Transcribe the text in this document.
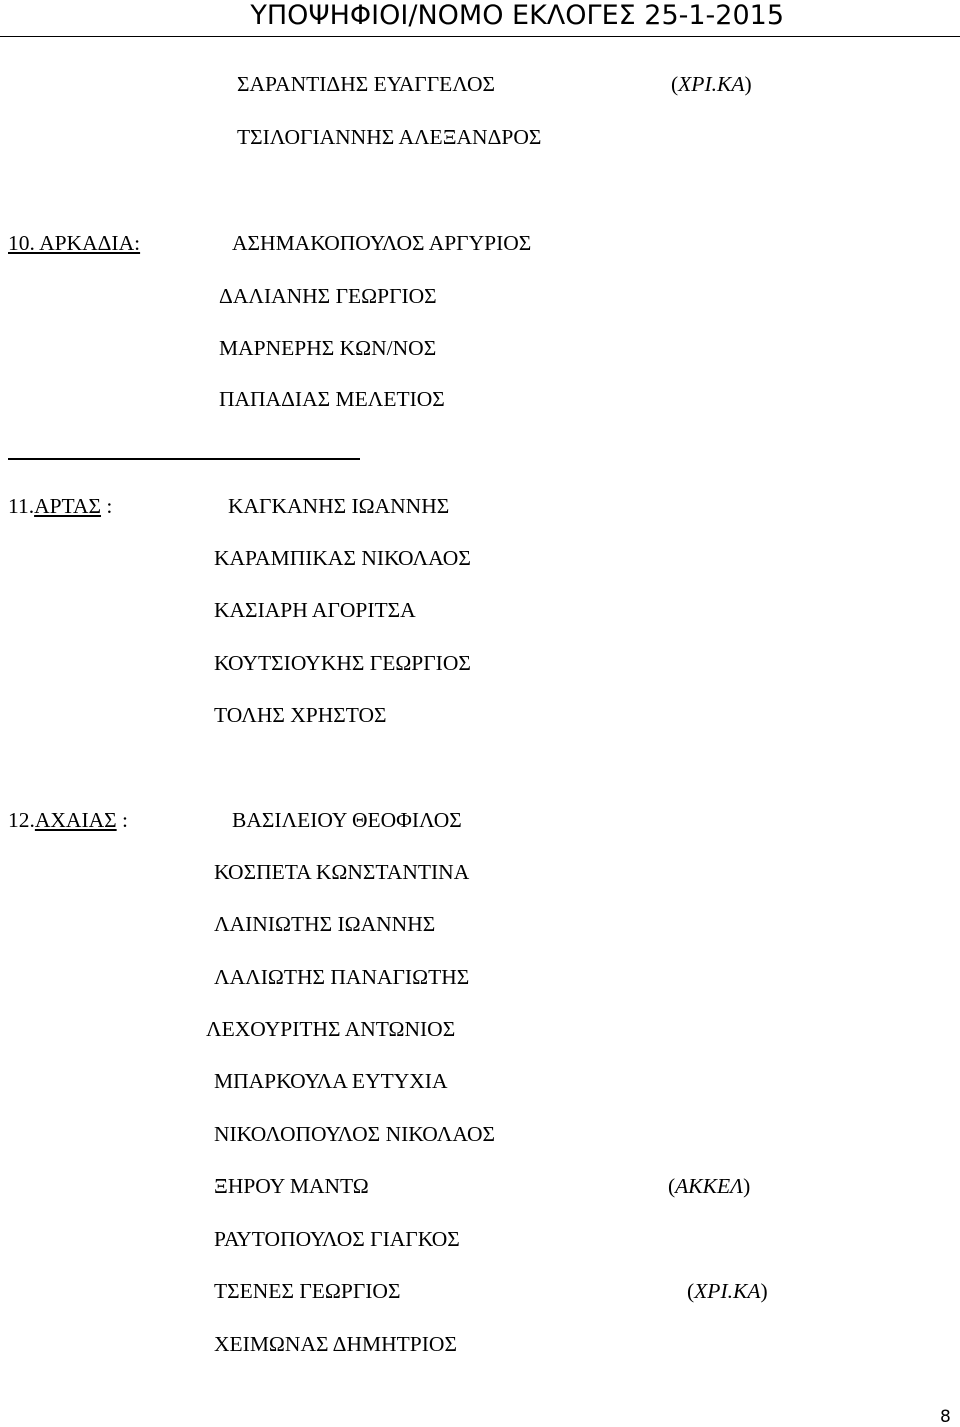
ΥΠΟΨΗΦΙΟΙ/ΝΟΜΟ ΕΚΛΟΓΕΣ 25-1-2015
ΣΑΡΑΝΤΙΔΗΣ ΕΥΑΓΓΕΛΟΣ	(ΧΡΙ.ΚΑ)
ΤΣΙΛΟΓΙΑΝΝΗΣ ΑΛΕΞΑΝΔΡΟΣ
10. ΑΡΚΑΔΙΑ:	ΑΣΗΜΑΚΟΠΟΥΛΟΣ ΑΡΓΥΡΙΟΣ
ΔΑΛΙΑΝΗΣ ΓΕΩΡΓΙΟΣ
ΜΑΡΝΕΡΗΣ ΚΩΝ/ΝΟΣ
ΠΑΠΑΔΙΑΣ ΜΕΛΕΤΙΟΣ
11.ΑΡΤΑΣ :	ΚΑΓΚΑΝΗΣ ΙΩΑΝΝΗΣ
ΚΑΡΑΜΠΙΚΑΣ ΝΙΚΟΛΑΟΣ
ΚΑΣΙΑΡΗ ΑΓΟΡΙΤΣΑ
ΚΟΥΤΣΙΟΥΚΗΣ ΓΕΩΡΓΙΟΣ
ΤΟΛΗΣ ΧΡΗΣΤΟΣ
12.ΑΧΑΙΑΣ :	ΒΑΣΙΛΕΙΟΥ ΘΕΟΦΙΛΟΣ
ΚΟΣΠΕΤΑ ΚΩΝΣΤΑΝΤΙΝΑ
ΛΑΙΝΙΩΤΗΣ ΙΩΑΝΝΗΣ
ΛΑΛΙΩΤΗΣ ΠΑΝΑΓΙΩΤΗΣ
ΛΕΧΟΥΡΙΤΗΣ ΑΝΤΩΝΙΟΣ
ΜΠΑΡΚΟΥΛΑ ΕΥΤΥΧΙΑ
ΝΙΚΟΛΟΠΟΥΛΟΣ ΝΙΚΟΛΑΟΣ
ΞΗΡΟΥ ΜΑΝΤΩ	(ΑΚΚΕΛ)
ΡΑΥΤΟΠΟΥΛΟΣ ΓΙΑΓΚΟΣ
ΤΣΕΝΕΣ ΓΕΩΡΓΙΟΣ	(ΧΡΙ.ΚΑ)
ΧΕΙΜΩΝΑΣ ΔΗΜΗΤΡΙΟΣ
8
